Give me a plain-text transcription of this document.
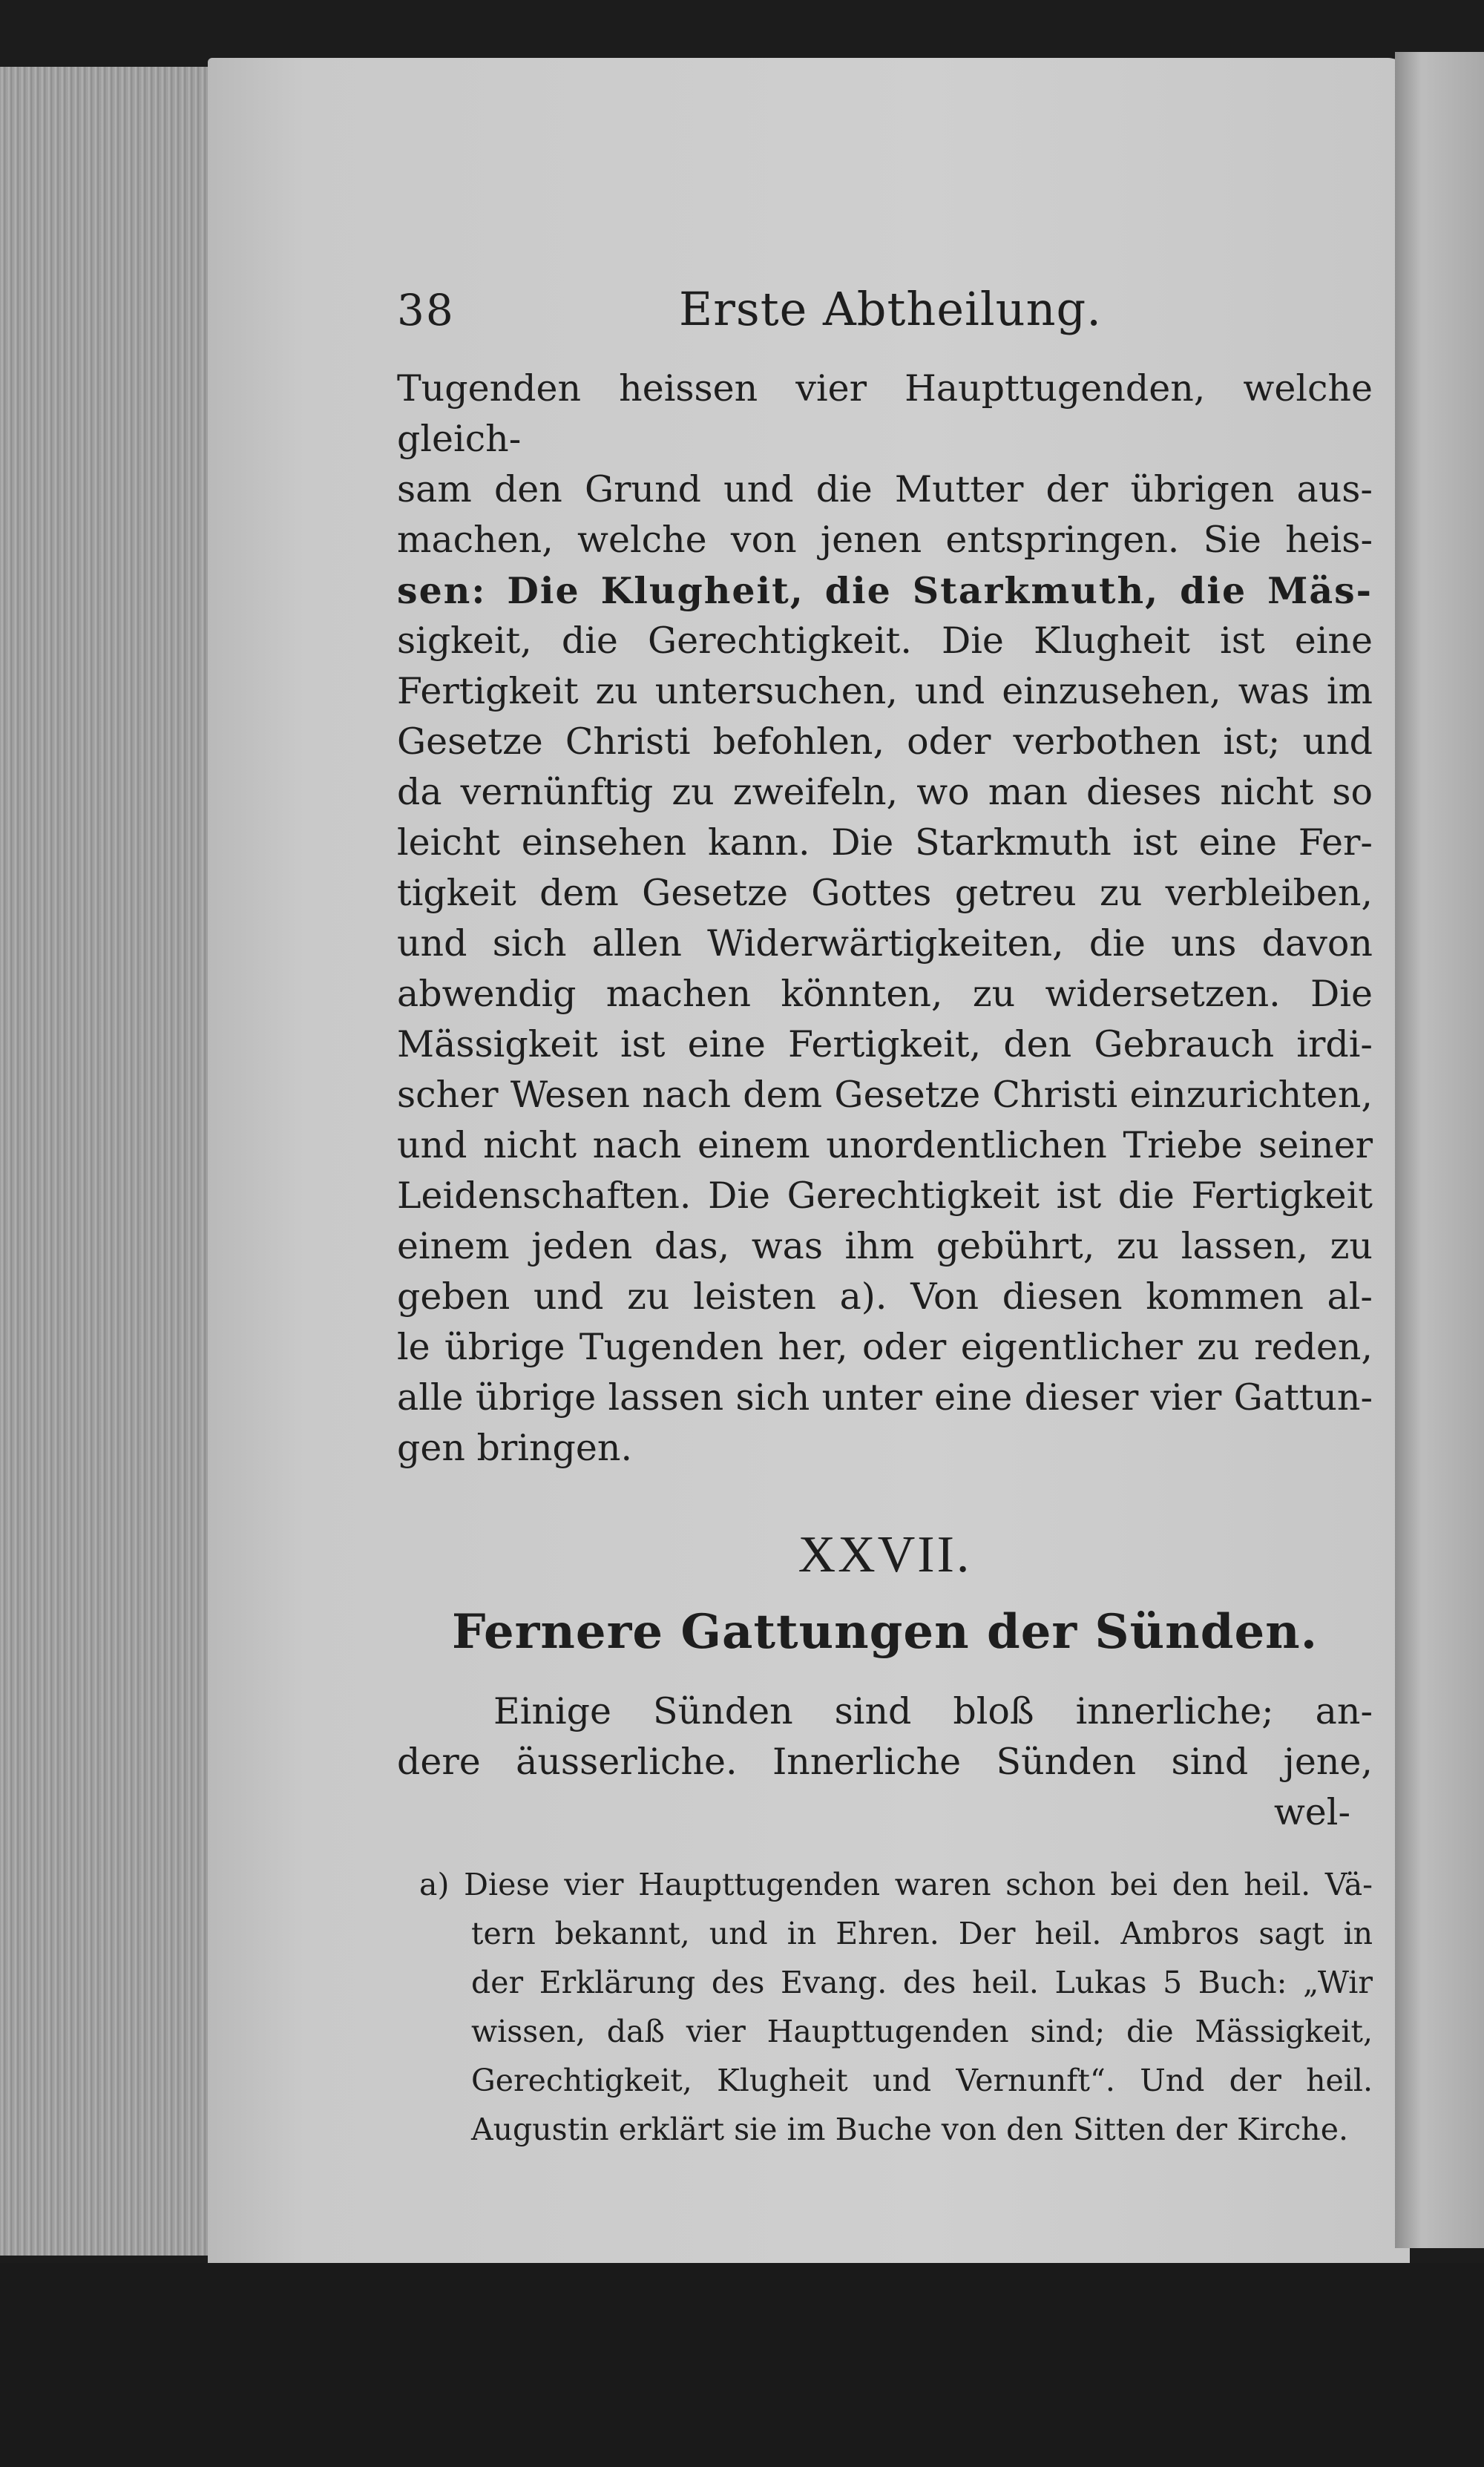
38	Erste Abtheilung.

Tugenden heissen vier Haupttugenden, welche gleich-

sam den Grund und die Mutter der übrigen aus-

machen, welche von jenen entspringen. Sie heis-

sen: Die Klugheit, die Starkmuth, die Mäs-

sigkeit, die Gerechtigkeit. Die Klugheit ist eine

Fertigkeit zu untersuchen, und einzusehen, was im

Gesetze Christi befohlen, oder verbothen ist; und

da vernünftig zu zweifeln, wo man dieses nicht so

leicht einsehen kann. Die Starkmuth ist eine Fer-

tigkeit dem Gesetze Gottes getreu zu verbleiben,

und sich allen Widerwärtigkeiten, die uns davon

abwendig machen könnten, zu widersetzen. Die

Mässigkeit ist eine Fertigkeit, den Gebrauch irdi-

scher Wesen nach dem Gesetze Christi einzurichten,

und nicht nach einem unordentlichen Triebe seiner

Leidenschaften. Die Gerechtigkeit ist die Fertigkeit

einem jeden das, was ihm gebührt, zu lassen, zu

geben und zu leisten a). Von diesen kommen al-

le übrige Tugenden her, oder eigentlicher zu reden,

alle übrige lassen sich unter eine dieser vier Gattun-

gen bringen.

XXVII.
Fernere Gattungen der Sünden.

Einige Sünden sind bloß innerliche; an-

dere äusserliche. Innerliche Sünden sind jene,

wel-

a) Diese vier Haupttugenden waren schon bei den heil. Vä-

tern bekannt, und in Ehren. Der heil. Ambros sagt in

der Erklärung des Evang. des heil. Lukas 5 Buch: „Wir

wissen, daß vier Haupttugenden sind; die Mässigkeit,

Gerechtigkeit, Klugheit und Vernunft“. Und der heil.

Augustin erklärt sie im Buche von den Sitten der Kirche.
